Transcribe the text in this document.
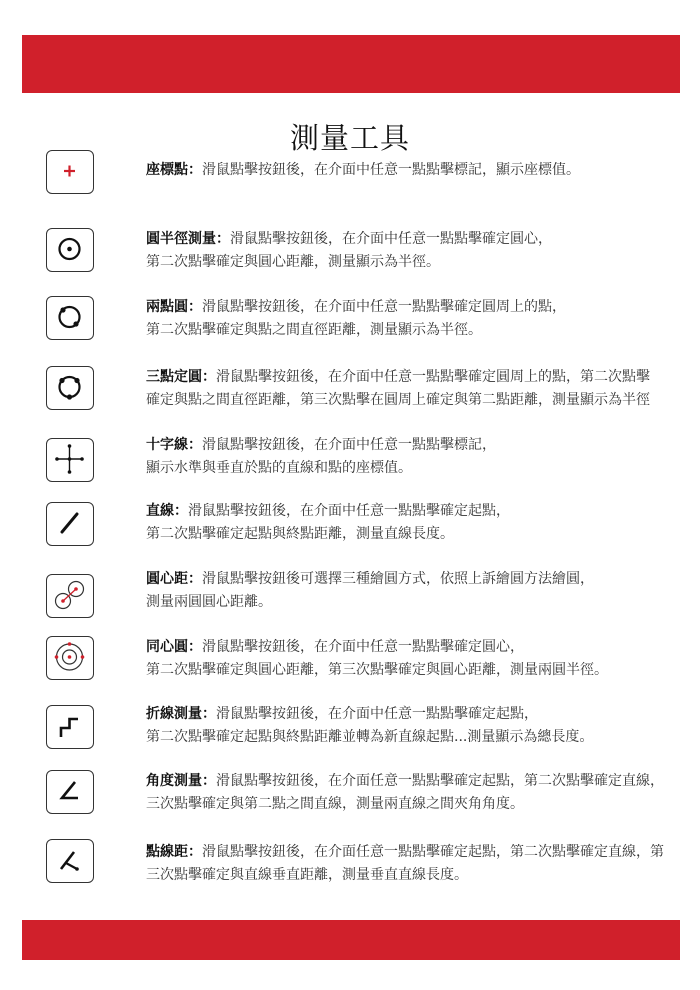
測量工具
座標點：滑鼠點擊按鈕後，在介面中任意一點點擊標記，顯示座標值。
圓半徑測量：滑鼠點擊按鈕後，在介面中任意一點點擊確定圓心，
第二次點擊確定與圓心距離，測量顯示為半徑。
兩點圓：滑鼠點擊按鈕後，在介面中任意一點點擊確定圓周上的點，
第二次點擊確定與點之間直徑距離，測量顯示為半徑。
三點定圓：滑鼠點擊按鈕後，在介面中任意一點點擊確定圓周上的點，第二次點擊
確定與點之間直徑距離，第三次點擊在圓周上確定與第二點距離，測量顯示為半徑
十字線：滑鼠點擊按鈕後，在介面中任意一點點擊標記，
顯示水準與垂直於點的直線和點的座標值。
直線：滑鼠點擊按鈕後，在介面中任意一點點擊確定起點，
第二次點擊確定起點與終點距離，測量直線長度。
圓心距：滑鼠點擊按鈕後可選擇三種繪圓方式，依照上訴繪圓方法繪圓，
測量兩圓圓心距離。
同心圓：滑鼠點擊按鈕後，在介面中任意一點點擊確定圓心，
第二次點擊確定與圓心距離，第三次點擊確定與圓心距離，測量兩圓半徑。
折線測量：滑鼠點擊按鈕後，在介面中任意一點點擊確定起點，
第二次點擊確定起點與終點距離並轉為新直線起點...測量顯示為總長度。
角度測量：滑鼠點擊按鈕後，在介面任意一點點擊確定起點，第二次點擊確定直線，
三次點擊確定與第二點之間直線，測量兩直線之間夾角角度。
點線距：滑鼠點擊按鈕後，在介面任意一點點擊確定起點，第二次點擊確定直線，第
三次點擊確定與直線垂直距離，測量垂直直線長度。
